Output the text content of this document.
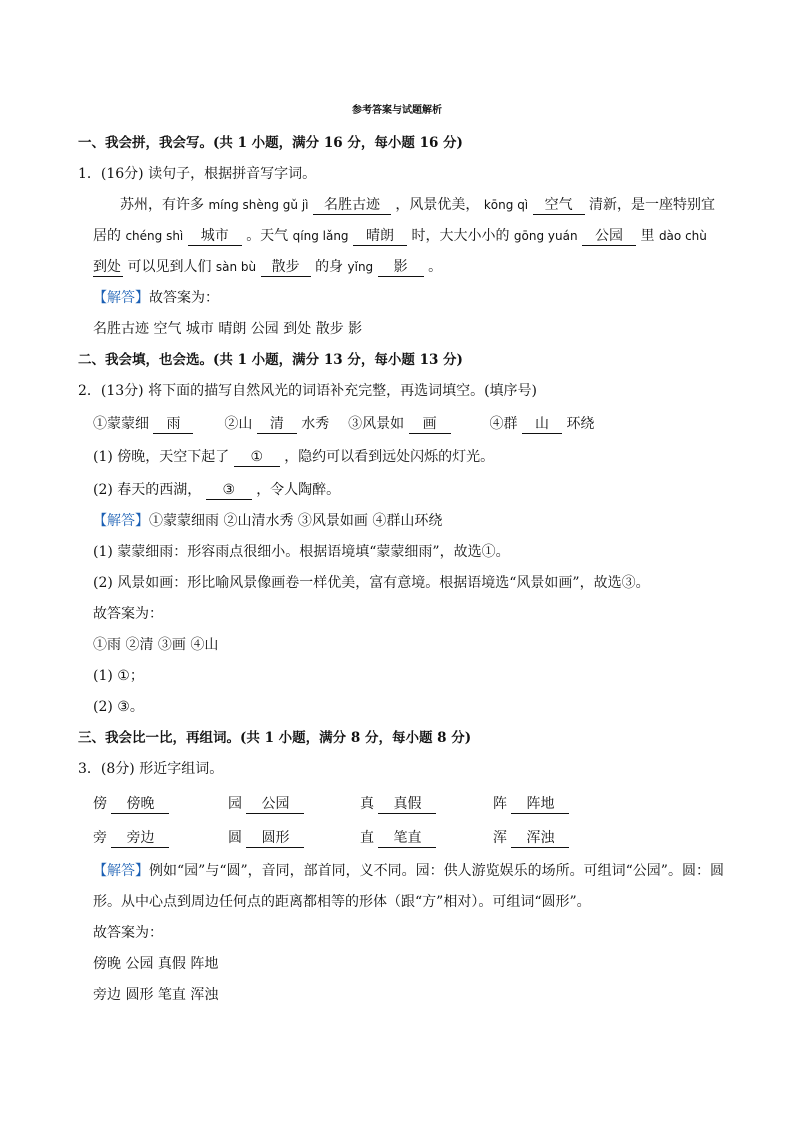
参考答案与试题解析
一、我会拼，我会写。(共 1 小题，满分 16 分，每小题 16 分)
1．(16分) 读句子，根据拼音写字词。
苏州，有许多 míng shèng gǔ jì 名胜古迹 ，风景优美， kōng qì 空气 清新，是一座特别宜
居的 chéng shì 城市 。天气 qíng lǎng 晴朗 时，大大小小的 gōng yuán 公园 里 dào chù
到处 可以见到人们 sàn bù 散步 的身 yǐng 影 。
【解答】故答案为：
名胜古迹 空气 城市 晴朗 公园 到处 散步 影
二、我会填，也会选。(共 1 小题，满分 13 分，每小题 13 分)
2．(13分) 将下面的描写自然风光的词语补充完整，再选词填空。(填序号)
①蒙蒙细 雨	②山 清 水秀 ③风景如 画	④群 山 环绕
(1) 傍晚，天空下起了 ① ，隐约可以看到远处闪烁的灯光。
(2) 春天的西湖， ③ ，令人陶醉。
【解答】①蒙蒙细雨 ②山清水秀 ③风景如画 ④群山环绕
(1) 蒙蒙细雨：形容雨点很细小。根据语境填“蒙蒙细雨”，故选①。
(2) 风景如画：形比喻风景像画卷一样优美，富有意境。根据语境选“风景如画”，故选③。
故答案为：
①雨 ②清 ③画 ④山
(1) ①；
(2) ③。
三、我会比一比，再组词。(共 1 小题，满分 8 分，每小题 8 分)
3．(8分) 形近字组词。
傍 傍晚	园 公园	真 真假	阵 阵地
旁 旁边	圆 圆形	直 笔直	浑 浑浊
【解答】例如“园”与“圆”，音同，部首同，义不同。园：供人游览娱乐的场所。可组词“公园”。圆：圆
形。从中心点到周边任何点的距离都相等的形体（跟“方”相对）。可组词“圆形”。
故答案为：
傍晚 公园 真假 阵地
旁边 圆形 笔直 浑浊
